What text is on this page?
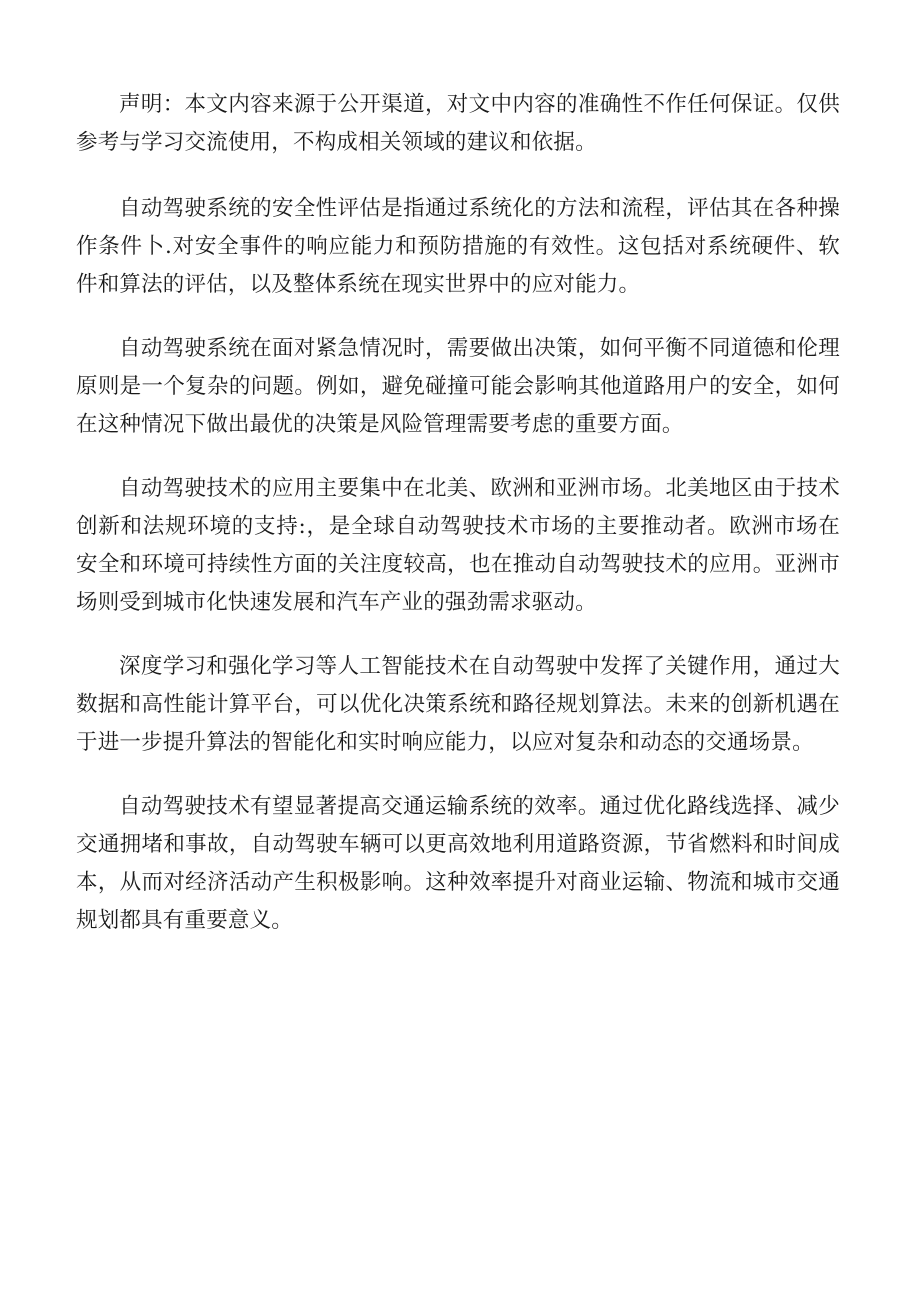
声明：本文内容来源于公开渠道，对文中内容的准确性不作任何保证。仅供参考与学习交流使用，不构成相关领域的建议和依据。

自动驾驶系统的安全性评估是指通过系统化的方法和流程，评估其在各种操作条件卜.对安全事件的响应能力和预防措施的有效性。这包括对系统硬件、软件和算法的评估，以及整体系统在现实世界中的应对能力。

自动驾驶系统在面对紧急情况时，需要做出决策，如何平衡不同道德和伦理原则是一个复杂的问题。例如，避免碰撞可能会影响其他道路用户的安全，如何在这种情况下做出最优的决策是风险管理需要考虑的重要方面。

自动驾驶技术的应用主要集中在北美、欧洲和亚洲市场。北美地区由于技术创新和法规环境的支持:，是全球自动驾驶技术市场的主要推动者。欧洲市场在安全和环境可持续性方面的关注度较高，也在推动自动驾驶技术的应用。亚洲市场则受到城市化快速发展和汽车产业的强劲需求驱动。

深度学习和强化学习等人工智能技术在自动驾驶中发挥了关键作用，通过大数据和高性能计算平台，可以优化决策系统和路径规划算法。未来的创新机遇在于进一步提升算法的智能化和实时响应能力，以应对复杂和动态的交通场景。

自动驾驶技术有望显著提高交通运输系统的效率。通过优化路线选择、减少交通拥堵和事故，自动驾驶车辆可以更高效地利用道路资源，节省燃料和时间成本，从而对经济活动产生积极影响。这种效率提升对商业运输、物流和城市交通规划都具有重要意义。
